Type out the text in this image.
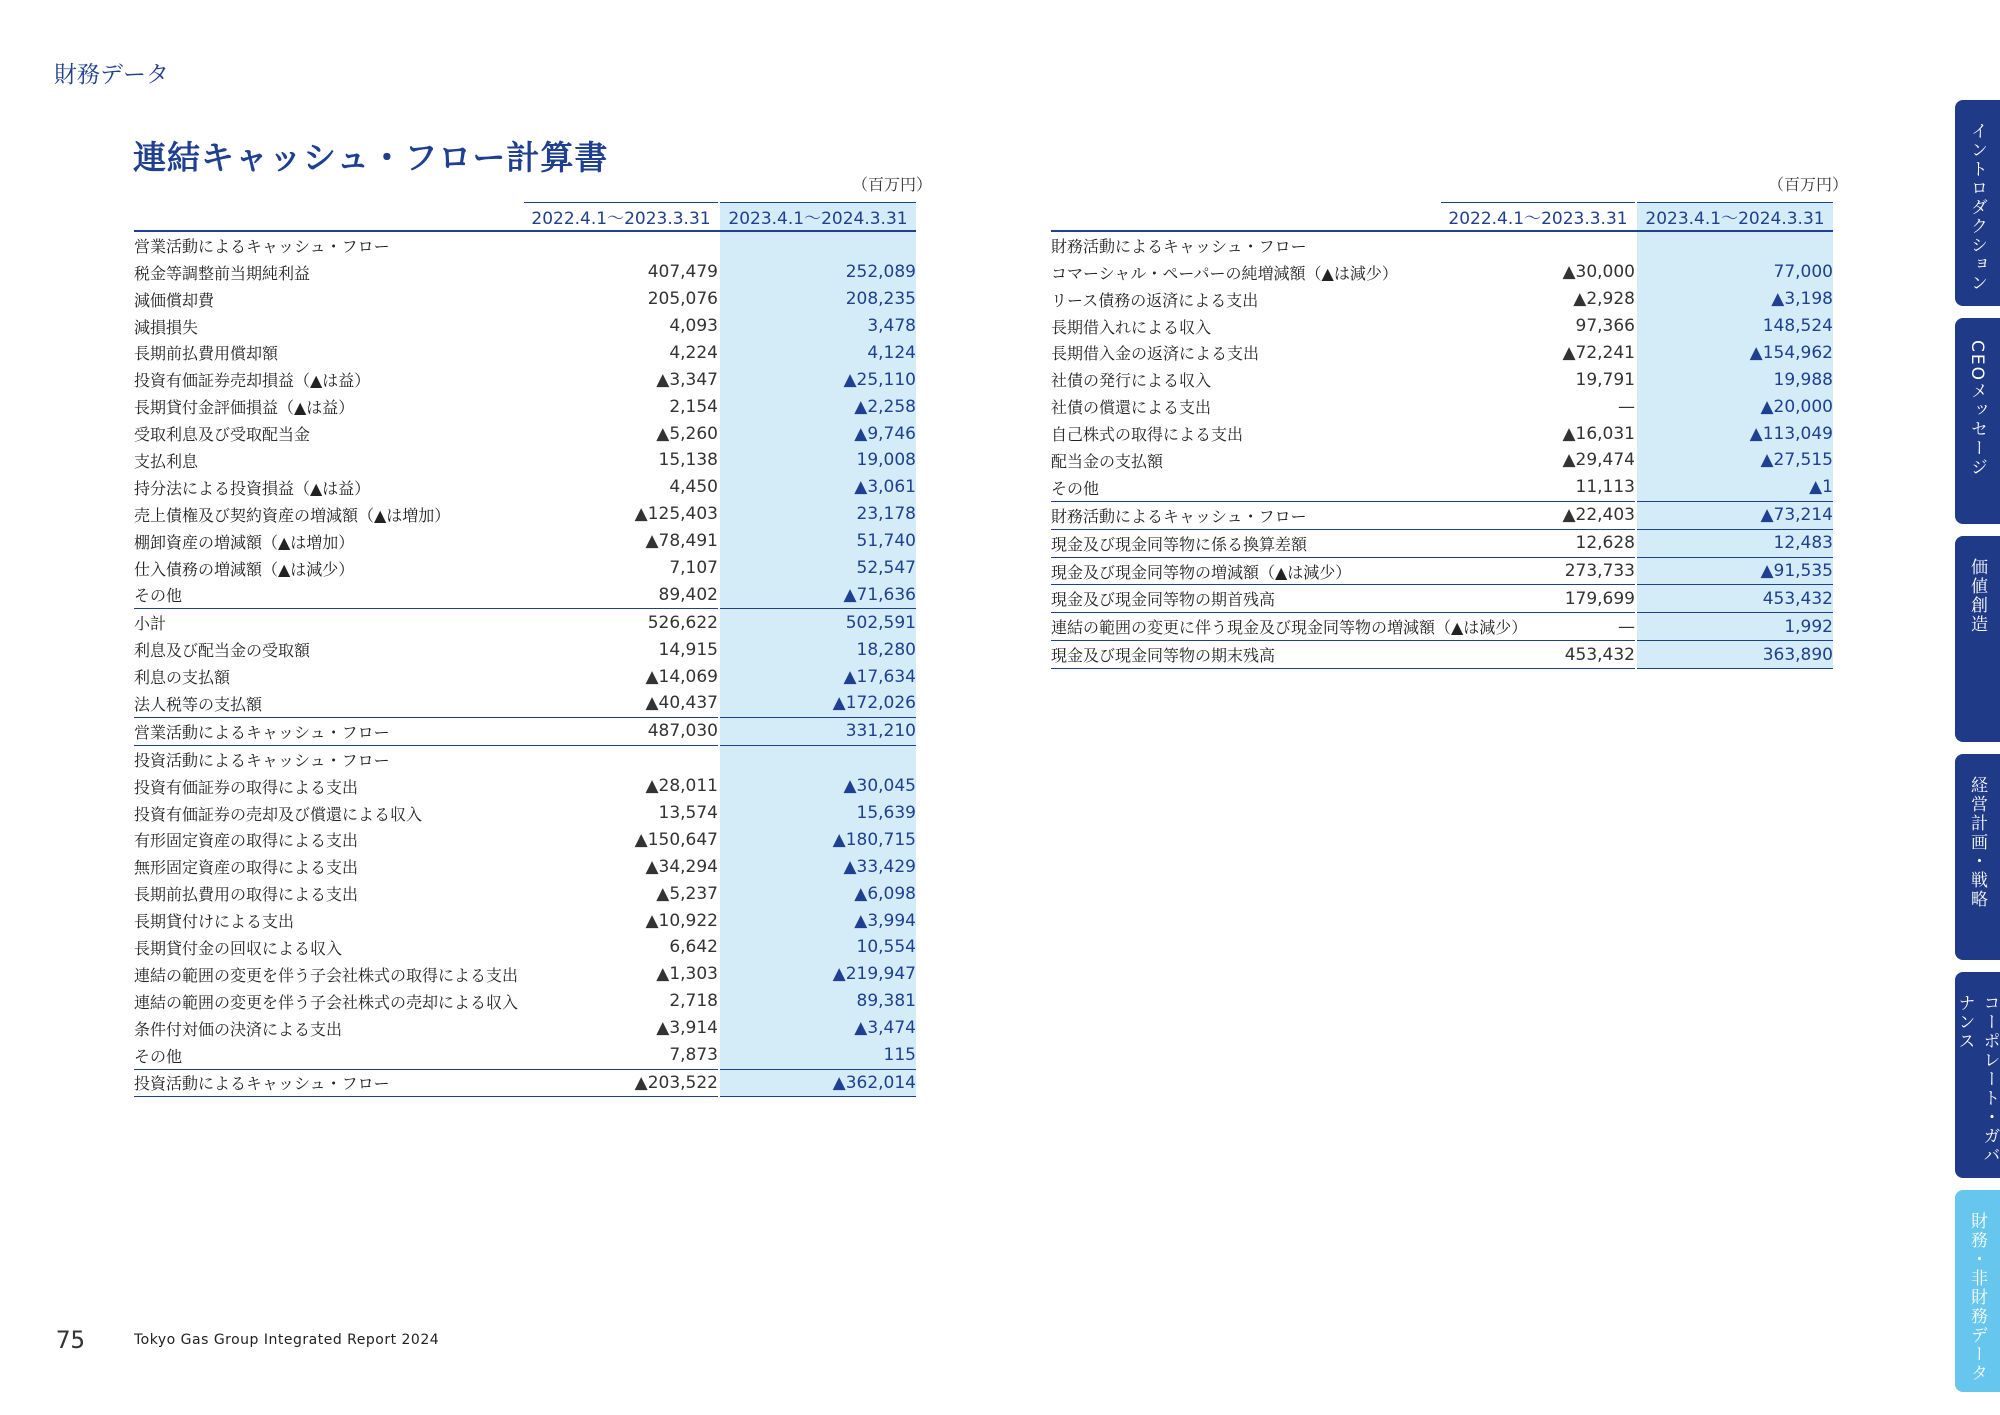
財務データ
連結キャッシュ・フロー計算書
（百万円）	（百万円）
	2022.4.1～2023.3.31	2023.4.1～2024.3.31
営業活動によるキャッシュ・フロー		
税金等調整前当期純利益	407,479	252,089
減価償却費	205,076	208,235
減損損失	4,093	3,478
長期前払費用償却額	4,224	4,124
投資有価証券売却損益（▲は益）	▲3,347	▲25,110
長期貸付金評価損益（▲は益）	2,154	▲2,258
受取利息及び受取配当金	▲5,260	▲9,746
支払利息	15,138	19,008
持分法による投資損益（▲は益）	4,450	▲3,061
売上債権及び契約資産の増減額（▲は増加）	▲125,403	23,178
棚卸資産の増減額（▲は増加）	▲78,491	51,740
仕入債務の増減額（▲は減少）	7,107	52,547
その他	89,402	▲71,636
小計	526,622	502,591
利息及び配当金の受取額	14,915	18,280
利息の支払額	▲14,069	▲17,634
法人税等の支払額	▲40,437	▲172,026
営業活動によるキャッシュ・フロー	487,030	331,210
投資活動によるキャッシュ・フロー		
投資有価証券の取得による支出	▲28,011	▲30,045
投資有価証券の売却及び償還による収入	13,574	15,639
有形固定資産の取得による支出	▲150,647	▲180,715
無形固定資産の取得による支出	▲34,294	▲33,429
長期前払費用の取得による支出	▲5,237	▲6,098
長期貸付けによる支出	▲10,922	▲3,994
長期貸付金の回収による収入	6,642	10,554
連結の範囲の変更を伴う子会社株式の取得による支出	▲1,303	▲219,947
連結の範囲の変更を伴う子会社株式の売却による収入	2,718	89,381
条件付対価の決済による支出	▲3,914	▲3,474
その他	7,873	115
投資活動によるキャッシュ・フロー	▲203,522	▲362,014
	2022.4.1～2023.3.31	2023.4.1～2024.3.31
財務活動によるキャッシュ・フロー		
コマーシャル・ペーパーの純増減額（▲は減少）	▲30,000	77,000
リース債務の返済による支出	▲2,928	▲3,198
長期借入れによる収入	97,366	148,524
長期借入金の返済による支出	▲72,241	▲154,962
社債の発行による収入	19,791	19,988
社債の償還による支出	—	▲20,000
自己株式の取得による支出	▲16,031	▲113,049
配当金の支払額	▲29,474	▲27,515
その他	11,113	▲1
財務活動によるキャッシュ・フロー	▲22,403	▲73,214
現金及び現金同等物に係る換算差額	12,628	12,483
現金及び現金同等物の増減額（▲は減少）	273,733	▲91,535
現金及び現金同等物の期首残高	179,699	453,432
連結の範囲の変更に伴う現金及び現金同等物の増減額（▲は減少）	—	1,992
現金及び現金同等物の期末残高	453,432	363,890
75	Tokyo Gas Group Integrated Report 2024
イントロダクション
CEOメッセージ
価値創造
経営計画・戦略
コーポレート・ガバナンス
財務・非財務データ
